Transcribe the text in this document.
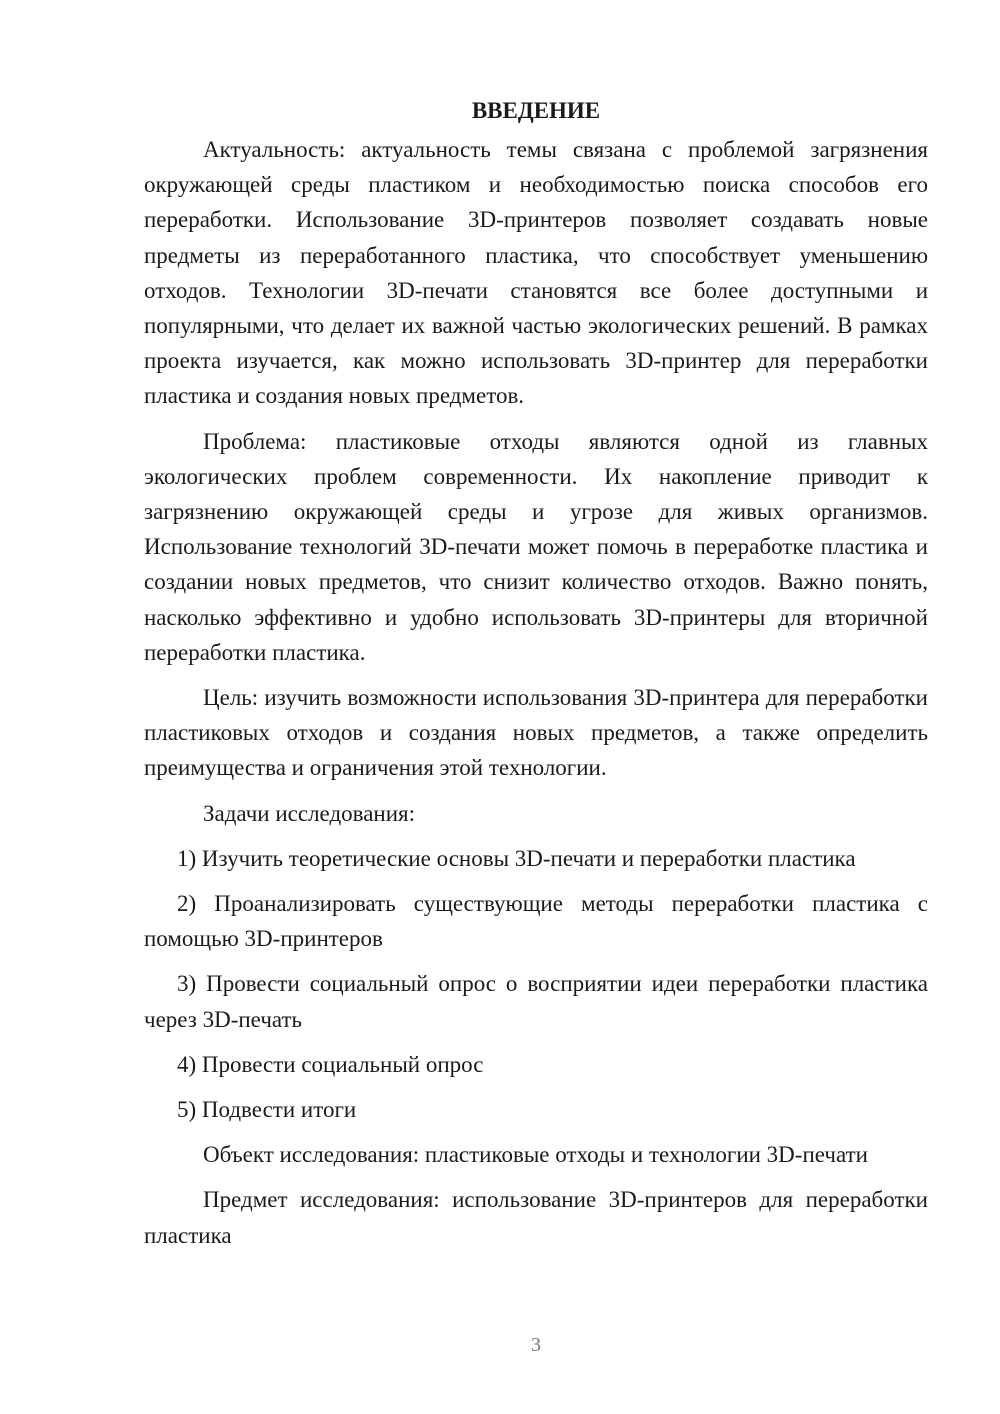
ВВЕДЕНИЕ

Актуальность: актуальность темы связана с проблемой загрязнения окружающей среды пластиком и необходимостью поиска способов его переработки. Использование 3D-принтеров позволяет создавать новые предметы из переработанного пластика, что способствует уменьшению отходов. Технологии 3D-печати становятся все более доступными и популярными, что делает их важной частью экологических решений. В рамках проекта изучается, как можно использовать 3D-принтер для переработки пластика и создания новых предметов.

Проблема: пластиковые отходы являются одной из главных экологических проблем современности. Их накопление приводит к загрязнению окружающей среды и угрозе для живых организмов. Использование технологий 3D-печати может помочь в переработке пластика и создании новых предметов, что снизит количество отходов. Важно понять, насколько эффективно и удобно использовать 3D-принтеры для вторичной переработки пластика.

Цель: изучить возможности использования 3D-принтера для переработки пластиковых отходов и создания новых предметов, а также определить преимущества и ограничения этой технологии.

Задачи исследования:

1) Изучить теоретические основы 3D-печати и переработки пластика

2) Проанализировать существующие методы переработки пластика с помощью 3D-принтеров

3) Провести социальный опрос о восприятии идеи переработки пластика через 3D-печать

4) Провести социальный опрос

5) Подвести итоги

Объект исследования: пластиковые отходы и технологии 3D-печати

Предмет исследования: использование 3D-принтеров для переработки пластика

3
